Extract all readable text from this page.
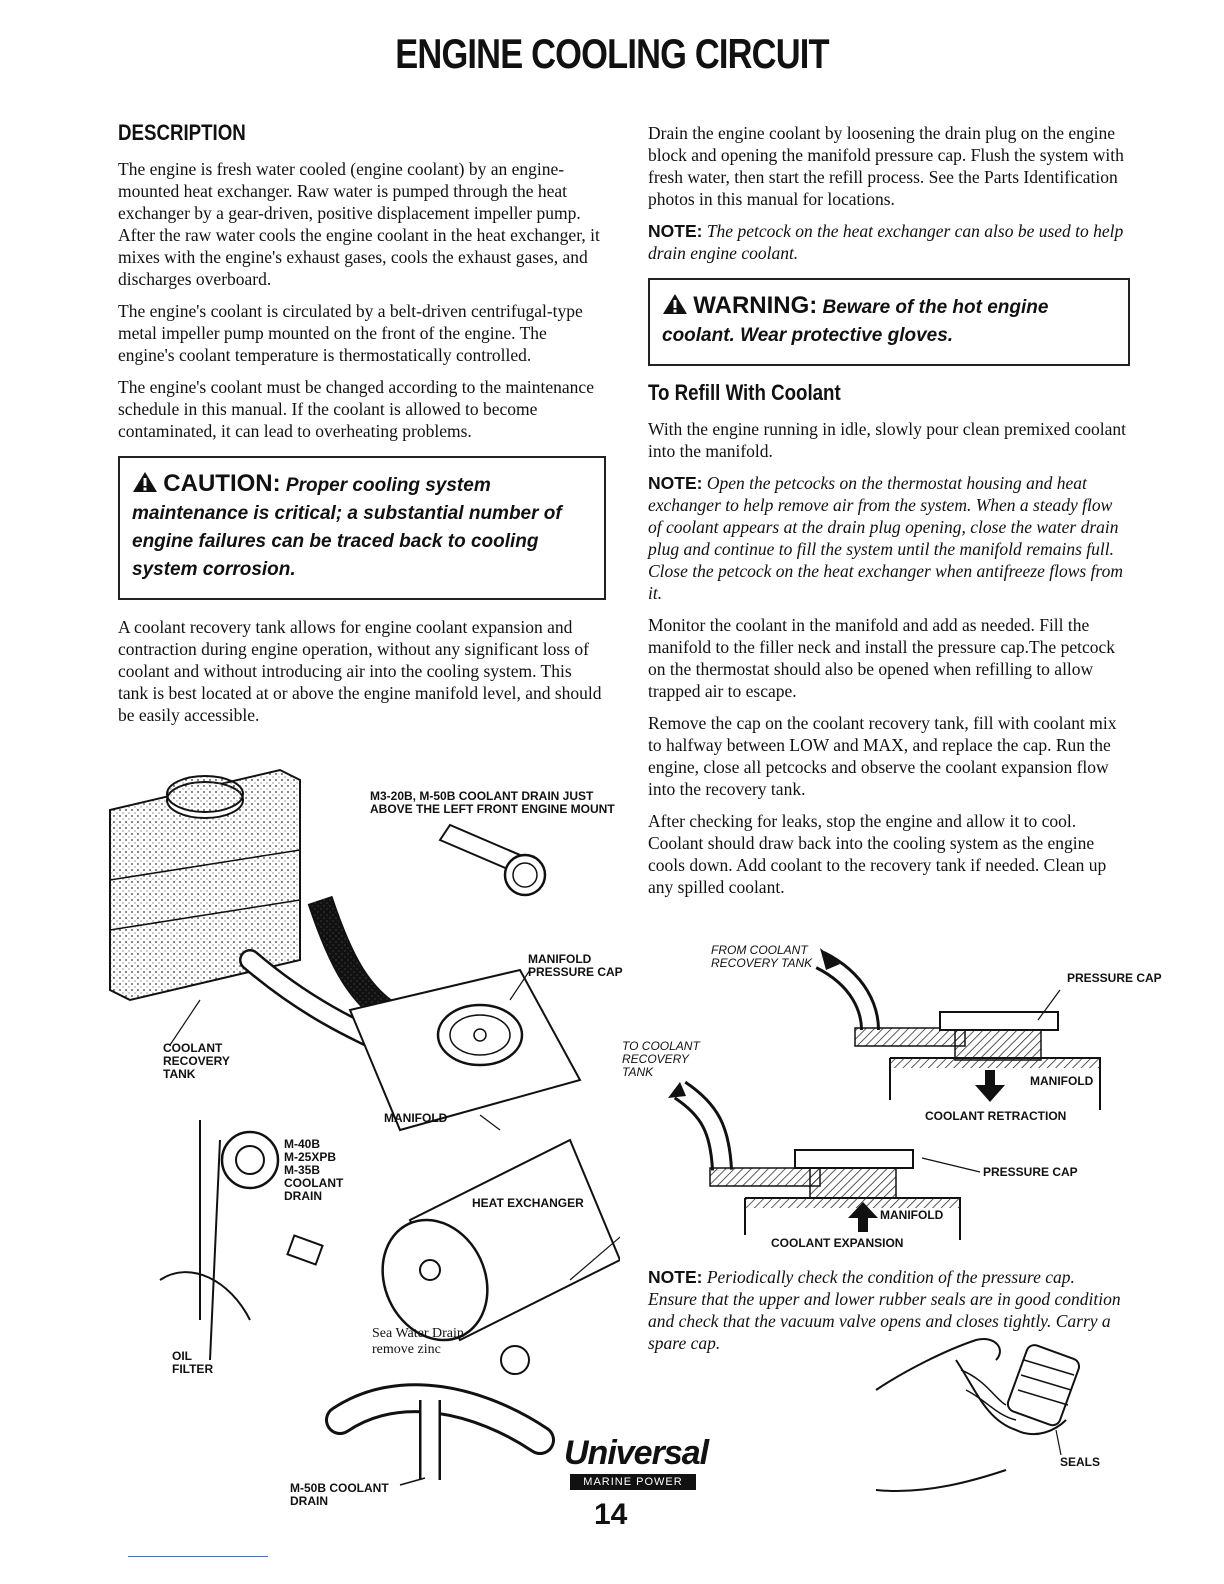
ENGINE COOLING CIRCUIT
DESCRIPTION

The engine is fresh water cooled (engine coolant) by an engine-mounted heat exchanger. Raw water is pumped through the heat exchanger by a gear-driven, positive displacement impeller pump. After the raw water cools the engine coolant in the heat exchanger, it mixes with the engine's exhaust gases, cools the exhaust gases, and discharges overboard.

The engine's coolant is circulated by a belt-driven centrifugal-type metal impeller pump mounted on the front of the engine. The engine's coolant temperature is thermostatically controlled.

The engine's coolant must be changed according to the maintenance schedule in this manual. If the coolant is allowed to become contaminated, it can lead to overheating problems.

CAUTION: Proper cooling system maintenance is critical; a substantial number of engine failures can be traced back to cooling system corrosion.

A coolant recovery tank allows for engine coolant expansion and contraction during engine operation, without any significant loss of coolant and without introducing air into the cooling system. This tank is best located at or above the engine manifold level, and should be easily accessible.

Drain the engine coolant by loosening the drain plug on the engine block and opening the manifold pressure cap. Flush the system with fresh water, then start the refill process. See the Parts Identification photos in this manual for locations.

NOTE: The petcock on the heat exchanger can also be used to help drain engine coolant.

WARNING: Beware of the hot engine coolant. Wear protective gloves.
To Refill With Coolant

With the engine running in idle, slowly pour clean premixed coolant into the manifold.

NOTE: Open the petcocks on the thermostat housing and heat exchanger to help remove air from the system. When a steady flow of coolant appears at the drain plug opening, close the water drain plug and continue to fill the system until the manifold remains full. Close the petcock on the heat exchanger when antifreeze flows from it.

Monitor the coolant in the manifold and add as needed. Fill the manifold to the filler neck and install the pressure cap.The petcock on the thermostat should also be opened when refilling to allow trapped air to escape.

Remove the cap on the coolant recovery tank, fill with coolant mix to halfway between LOW and MAX, and replace the cap. Run the engine, close all petcocks and observe the coolant expansion flow into the recovery tank.

After checking for leaks, stop the engine and allow it to cool. Coolant should draw back into the cooling system as the engine cools down. Add coolant to the recovery tank if needed. Clean up any spilled coolant.

NOTE: Periodically check the condition of the pressure cap. Ensure that the upper and lower rubber seals are in good condition and check that the vacuum valve opens and closes tightly. Carry a spare cap.
M3-20B, M-50B COOLANT DRAIN JUST
ABOVE THE LEFT FRONT ENGINE MOUNT
MANIFOLD
PRESSURE CAP
COOLANT
RECOVERY
TANK
MANIFOLD
M-40B
M-25XPB
M-35B
COOLANT
DRAIN	HEAT EXCHANGER
Sea Water Drain
remove zinc
OIL
FILTER
M-50B COOLANT
DRAIN
FROM COOLANT
RECOVERY TANK
PRESSURE CAP
MANIFOLD
COOLANT RETRACTION
TO COOLANT
RECOVERY
TANK
PRESSURE CAP
MANIFOLD
COOLANT EXPANSION
SEALS
Universal
MARINE POWER
14
